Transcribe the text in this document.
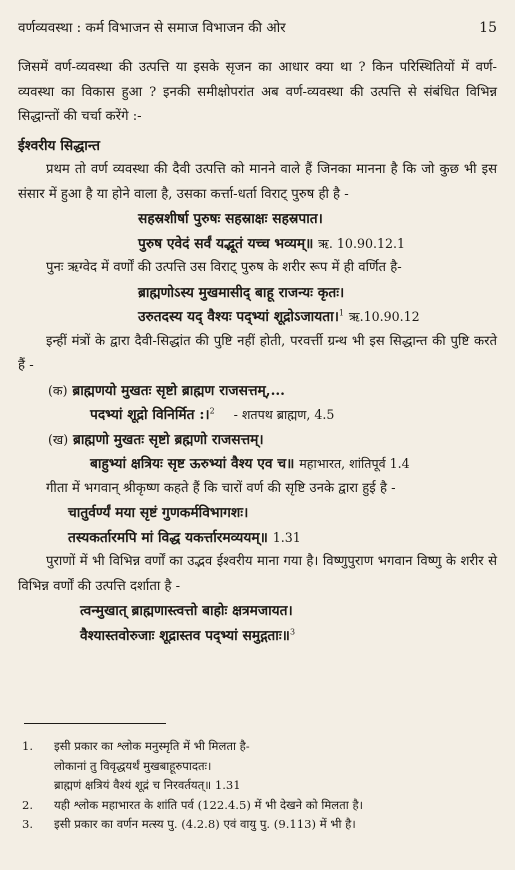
वर्णव्यवस्था : कर्म विभाजन से समाज विभाजन की ओर	15

जिसमें वर्ण-व्यवस्था की उत्पत्ति या इसके सृजन का आधार क्या था ? किन परिस्थितियों में वर्ण-व्यवस्था का विकास हुआ ? इनकी समीक्षोपरांत अब वर्ण-व्यवस्था की उत्पत्ति से संबंधित विभिन्न सिद्धान्तों की चर्चा करेंगे :-

ईश्वरीय सिद्धान्त

प्रथम तो वर्ण व्यवस्था की दैवी उत्पत्ति को मानने वाले हैं जिनका मानना है कि जो कुछ भी इस संसार में हुआ है या होने वाला है, उसका कर्त्ता-धर्ता विराट् पुरुष ही है -

सहस्रशीर्षा पुरुषः सहस्राक्षः सहस्रपात।
पुरुष एवेदं सर्वं यद्भूतं यच्च भव्यम्॥ ऋ. 10.90.12.1

पुनः ऋग्वेद में वर्णों की उत्पत्ति उस विराट् पुरुष के शरीर रूप में ही वर्णित है-

ब्राह्मणोऽस्य मुखमासीद् बाहू राजन्यः कृतः।
उरुतदस्य यद् वैश्यः पद्भ्यां शूद्रोऽजायता।$^1$ ऋ.10.90.12

इन्हीं मंत्रों के द्वारा दैवी-सिद्धांत की पुष्टि नहीं होती, परवर्त्ती ग्रन्थ भी इस सिद्धान्त की पुष्टि करते हैं -

(क) ब्राह्मणयो मुखतः सृष्टो ब्राह्मण राजसत्तम्,...
पदभ्यां शूद्रो विनिर्मित :।$^2$ - शतपथ ब्राह्मण, 4.5
(ख) ब्राह्मणो मुखतः सृष्टो ब्रह्मणो राजसत्तम्।
बाहुभ्यां क्षत्रियः सृष्ट ऊरुभ्यां वैश्य एव च॥ महाभारत, शांतिपूर्व 1.4

गीता में भगवान् श्रीकृष्ण कहते हैं कि चारों वर्ण की सृष्टि उनके द्वारा हुई है -

चातुर्वर्ण्यं मया सृष्टं गुणकर्मविभागशः।
तस्यकर्तारमपि मां विद्ध यकर्त्तारमव्ययम्॥ 1.31

पुराणों में भी विभिन्न वर्णों का उद्भव ईश्वरीय माना गया है। विष्णुपुराण भगवान विष्णु के शरीर से विभिन्न वर्णों की उत्पत्ति दर्शाता है -

त्वन्मुखात् ब्राह्मणास्त्वत्तो बाहोः क्षत्रमजायत।
वैश्यास्तवोरुजाः शूद्रास्तव पद्भ्यां समुद्गताः॥$^3$
1.	इसी प्रकार का श्लोक मनुस्मृति में भी मिलता है-
लोकानां तु विवृद्धयर्थं मुखबाहूरुपादतः।
ब्राह्मणं क्षत्रियं वैश्यं शूद्रं च निरवर्तयत्॥ 1.31
2.	यही श्लोक महाभारत के शांति पर्व (122.4.5) में भी देखने को मिलता है।
3.	इसी प्रकार का वर्णन मत्स्य पु. (4.2.8) एवं वायु पु. (9.113) में भी है।
